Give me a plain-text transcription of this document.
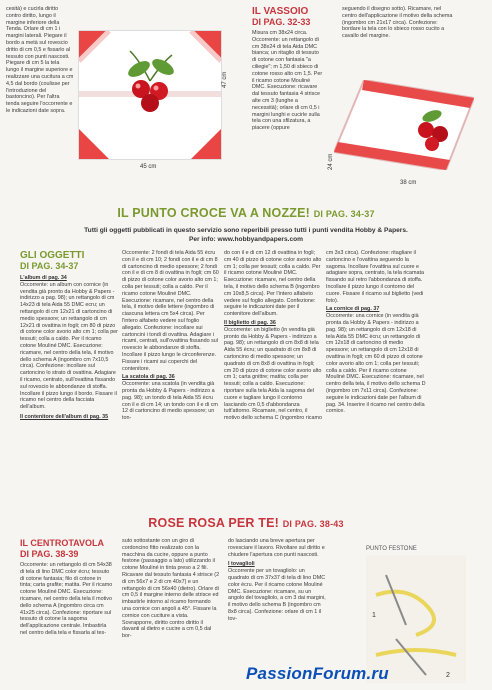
cesità) e cucirla diritto contro diritto, lungo il margine inferiore della Tenda. Orlare di cm 1 i margini laterali. Piegare il bordo a metà sul rovescio dritto di cm 0,5 e fissarlo al tessuto con punti nascosti. Piegare di cm 5 la tela lungo il margine superiore e realizzare una cucitura a cm 4,5 dal bordo (coulisse per l'introduzione del bastoncino). Per l'altra tenda seguire l'occorrente e le indicazioni date sopra.

47 cm
45 cm

IL VASSOIO

DI PAG. 32-33

Misura cm 38x24 circa. Occorrente: un rettangolo di cm 38x24 di tela Aida DMC bianca; un ritaglio di tessuto di cotone con fantasia "a ciliegie"; m 1,50 di sbieco di cotone rosso alto cm 1,5. Per il ricamo cotone Mouliné DMC. Esecuzione: ricavare dal tessuto fantasia 4 strisce alte cm 3 (lunghe a necessità); orlare di cm 0,5 i margini lunghi e cucirle sulla tela con una sfilzatura, a piacere (oppure

seguendo il disegno sotto). Ricamare, nel centro dell'applicazione il motivo della schema (ingombro cm 21x17 circa). Confezione: bordare la tela con lo sbieco rosso cucito a cavallo del margine.

24 cm
38 cm
IL PUNTO CROCE VA A NOZZE! DI PAG. 34-37
Tutti gli oggetti pubblicati in questo servizio sono reperibili presso tutti i punti vendita Hobby & Papers.
Per info: www.hobbyandpapers.com

GLI OGGETTI

DI PAG. 34-37

L'album di pag. 34

Occorrente: un album con cornice (in vendita già pronto da Hobby & Papers - indirizzo a pag. 98); un rettangolo di cm 14x23 di tela Aida 55 DMC ecru; un rettangolo di cm 12x21 di cartoncino di medio spessore; un rettangolo di cm 12x21 di ovattina in fogli; cm 80 di pizzo di cotone color avorio alto cm 1; colla per tessuti; colla a caldo. Per il ricamo cotone Mouliné DMC. Esecuzione: ricamare, nel centro della tela, il motivo dello schema A (ingombro cm 7x10,5 circa). Confezione: incollare sul cartoncino lo strato di ovattina. Adagiare il ricamo, centrato, sull'ovattina fissando sul rovescio le abbondanze di stoffa. Incollare il pizzo lungo il bordo. Fissare il ricamo nel centro della facciata dell'album.

Il contenitore dell'album di pag. 35

Occorrente: 2 fondi di tela Aida 55 ècru con il e di cm 10; 2 fondi con il e di cm 8 di cartoncino di medio spessore; 2 fondi con il e di cm 8 di ovattina in fogli; cm 60 di pizzo di cotone color avorio alto cm 1; colla per tessuti; colla a caldo. Per il ricamo cotone Mouliné DMC. Esecuzione: ricamare, nel centro della tela, il motivo delle lettere (ingombro di ciascuna lettera cm 5x4 circa). Per l'intero alfabeto vedere sul foglio allegato. Confezione: incollare sui cartoncini i tondi di ovattina. Adagiare i ricami, centrati, sull'ovattina fissando sul rovescio le abbondanze di stoffa. Incollare il pizzo lungo le circonferenze. Fissare i ricami sui coperchi del contenitore.

La scatola di pag. 36

Occorrente: una scatola (in vendita già pronta da Hobby & Papers - indirizzo a pag. 98); un tondo di tela Aida 55 ècru con il e di cm 14; un tondo con il e di cm 12 di cartoncino di medio spessore; un ton-

do con il e di cm 12 di ovattina in fogli; cm 40 di pizzo di cotone color avorio alto cm 1; colla per tessuti; colla a caldo. Per il ricamo cotone Mouliné DMC. Esecuzione: ricamare, nel centro della tela, il motivo dello schema B (ingombro cm 10x8,5 circa). Per l'intero alfabeto vedere sul foglio allegato. Confezione: seguire le indicazioni date per il contenitore dell'album.

Il biglietto di pag. 36

Occorrente: un biglietto (in vendita già pronto da Hobby & Papers - indirizzo a pag. 98); un rettangolo di cm 8x8 di tela Aida 55 ècru; un quadrato di cm 8x8 di cartoncino di medio spessore; un quadrato di cm 8x8 di ovattina in fogli; cm 20 di pizzo di cotone color avorio alto cm 1; carta gnittre; matita; colla per tessuti; colla a caldo. Esecuzione: riportare sulla tela Aida la sagoma del cuore e tagliare lungo il contorno lasciando cm 0,5 d'abbondanza tutt'attorno. Ricamare, nel centro, il motivo dello schema C (ingombro ricamo

cm 3x3 circa). Confezione: ritagliare il cartoncino e l'ovattina seguendo la sagoma. Incollare l'ovattina sul cuore e adagiare sopra, centrato, la tela ricamata fissando sul retro l'abbondanza di stoffa. Incollare il pizzo lungo il contorno del cuore. Fissare il ricamo sul biglietto (vedi foto).

La cornice di pag. 37

Occorrente: una cornice (in vendita già pronta da Hobby & Papers - indirizzo a pag. 98); un rettangolo di cm 12x18 di tela Aida 55 DMC ècru; un rettangolo di cm 12x18 di cartoncino di medio spessore; un rettangolo di cm 12x18 di ovattina in fogli; cm 60 di pizzo di cotone color avorio alto cm 1; colla per tessuti; colla a caldo. Per il ricamo cotone Mouliné DMC. Esecuzione: ricamare, nel centro della tela, il motivo dello schema D (ingombro cm 7x11 circa). Confezione: seguire le indicazioni date per l'album di pag. 34. Inserire il ricamo nel centro della cornice.

ROSE ROSA PER TE! DI PAG. 38-43

IL CENTROTAVOLA

DI PAG. 38-39

Occorrente: un rettangolo di cm 54x38 di tela di lino DMC color écru; tessuto di cotone fantasia; filo di cotone in tinta; carta grafite; matita. Per il ricamo cotone Mouliné DMC. Esecuzione: ricamare, nel centro della tela il motivo dello schema A (ingombro circa cm 41x25 circa). Confezione: riportare sul tessuto di cotone la sagoma dell'applicazione centrale. Imbastirla nel centro della tela e fissarla al tes-

suto sottostante con un giro di cordoncino fitto realizzato con la macchina da cucire, oppure a punto festone (passaggio a lato) utilizzando il cotone Mouliné in tinta preso a 2 fili. Ricavare dal tessuto fantasia 4 strisce (2 di cm 56x7 e 2 di cm 40x7) e un rettangolo di cm 56x40 (dietro). Orlare di cm 0,5 il margine interno delle strisce ed imbastirle intorno al ricamo formando una cornice con angoli a 45°. Fissare la cornice con cuciture a vista. Sovrapporre, diritto contro diritto il davanti al dietro e cucire a cm 0,5 dal bor-

do lasciando una breve apertura per rovesciare il lavoro. Rivoltare sul diritto e chiudere l'apertura con punti nascosti.

I tovaglioli

Occorrente per un tovagliolo: un quadrato di cm 37x37 di tela di lino DMC color écru. Per il ricamo cotone Mouliné DMC. Esecuzione: ricamare, su un angolo del tovagliolo, a cm 3 dai margini, il motivo dello schema B (ingombro cm 8x8 circa). Confezione: orlare di cm 1 il tov-

PUNTO FESTONE
1
2
PassionForum.ru
